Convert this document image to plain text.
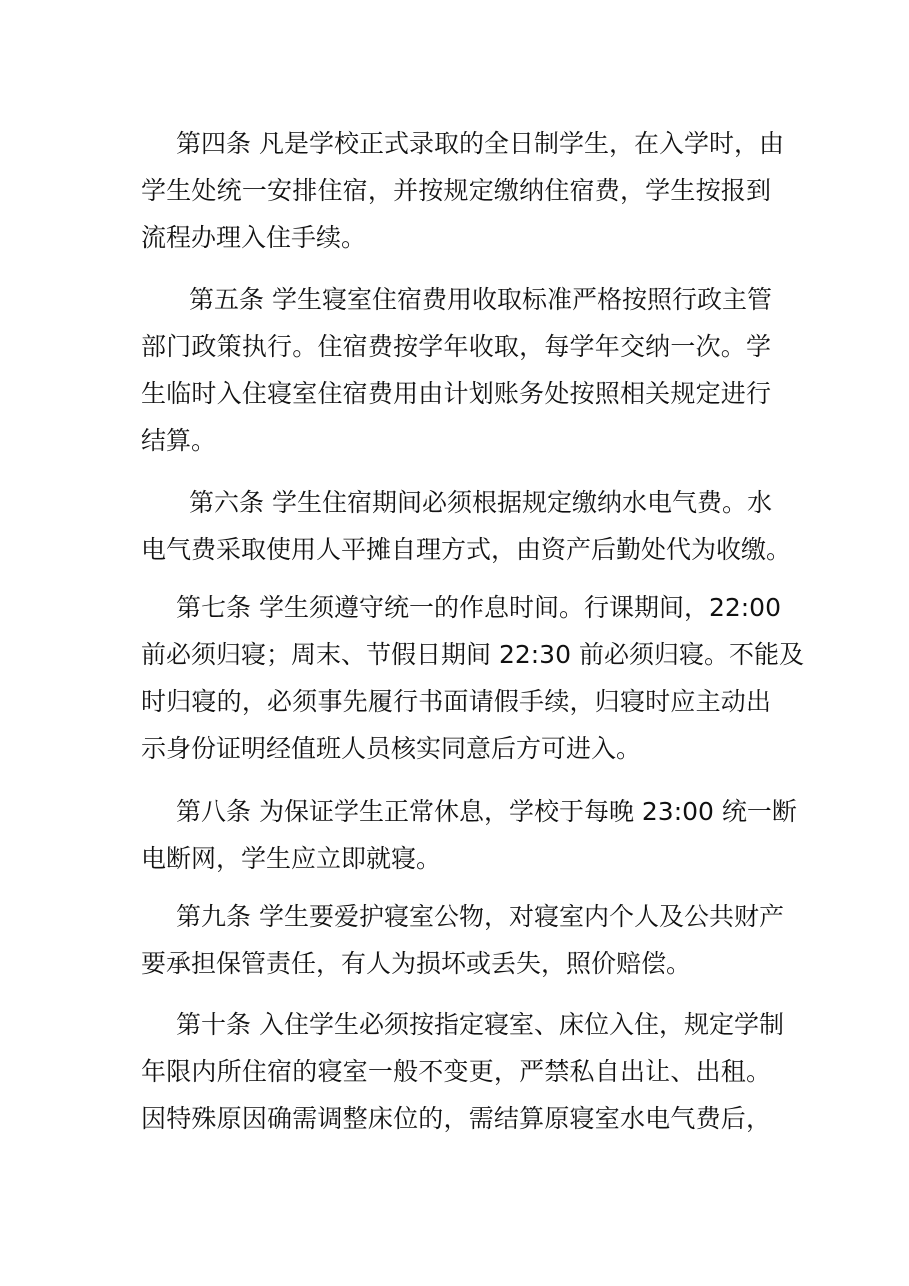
第四条 凡是学校正式录取的全日制学生，在入学时，由
学生处统一安排住宿，并按规定缴纳住宿费，学生按报到
流程办理入住手续。
第五条 学生寝室住宿费用收取标准严格按照行政主管
部门政策执行。住宿费按学年收取，每学年交纳一次。学
生临时入住寝室住宿费用由计划账务处按照相关规定进行
结算。
第六条 学生住宿期间必须根据规定缴纳水电气费。水
电气费采取使用人平摊自理方式，由资产后勤处代为收缴。
第七条 学生须遵守统一的作息时间。行课期间，22:00
前必须归寝；周末、节假日期间 22:30 前必须归寝。不能及
时归寝的，必须事先履行书面请假手续，归寝时应主动出
示身份证明经值班人员核实同意后方可进入。
第八条 为保证学生正常休息，学校于每晚 23:00 统一断
电断网，学生应立即就寝。
第九条 学生要爱护寝室公物，对寝室内个人及公共财产
要承担保管责任，有人为损坏或丢失，照价赔偿。
第十条 入住学生必须按指定寝室、床位入住，规定学制
年限内所住宿的寝室一般不变更，严禁私自出让、出租。
因特殊原因确需调整床位的，需结算原寝室水电气费后，
